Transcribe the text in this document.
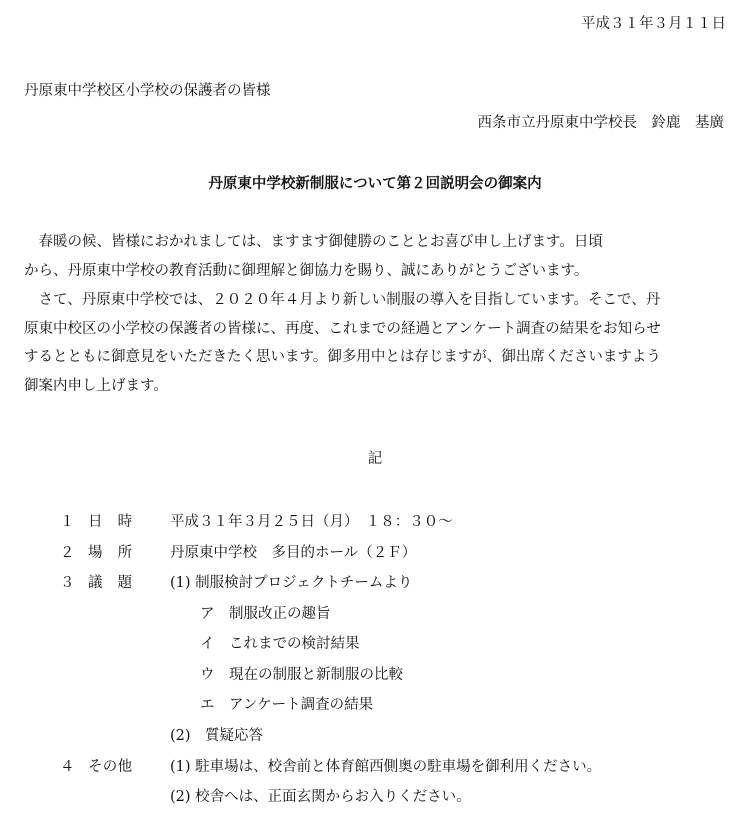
平成３１年３月１１日
丹原東中学校区小学校の保護者の皆様
西条市立丹原東中学校長　鈴鹿　基廣
丹原東中学校新制服について第２回説明会の御案内
　春暖の候、皆様におかれましては、ますます御健勝のこととお喜び申し上げます。日頃
から、丹原東中学校の教育活動に御理解と御協力を賜り、誠にありがとうございます。
　さて、丹原東中学校では、２０２０年４月より新しい制服の導入を目指しています。そこで、丹
原東中校区の小学校の保護者の皆様に、再度、これまでの経過とアンケート調査の結果をお知らせ
するとともに御意見をいただきたく思います。御多用中とは存じますが、御出席くださいますよう
御案内申し上げます。
記
１ 日　時	平成３１年３月２５日（月）　１８：３０～
２ 場　所	丹原東中学校　多目的ホール（２Ｆ）
３ 議　題	(1) 制服検討プロジェクトチームより
ア　制服改正の趣旨
イ　これまでの検討結果
ウ　現在の制服と新制服の比較
エ　アンケート調査の結果
(2)　質疑応答
４ その他	(1) 駐車場は、校舎前と体育館西側奥の駐車場を御利用ください。
(2) 校舎へは、正面玄関からお入りください。
